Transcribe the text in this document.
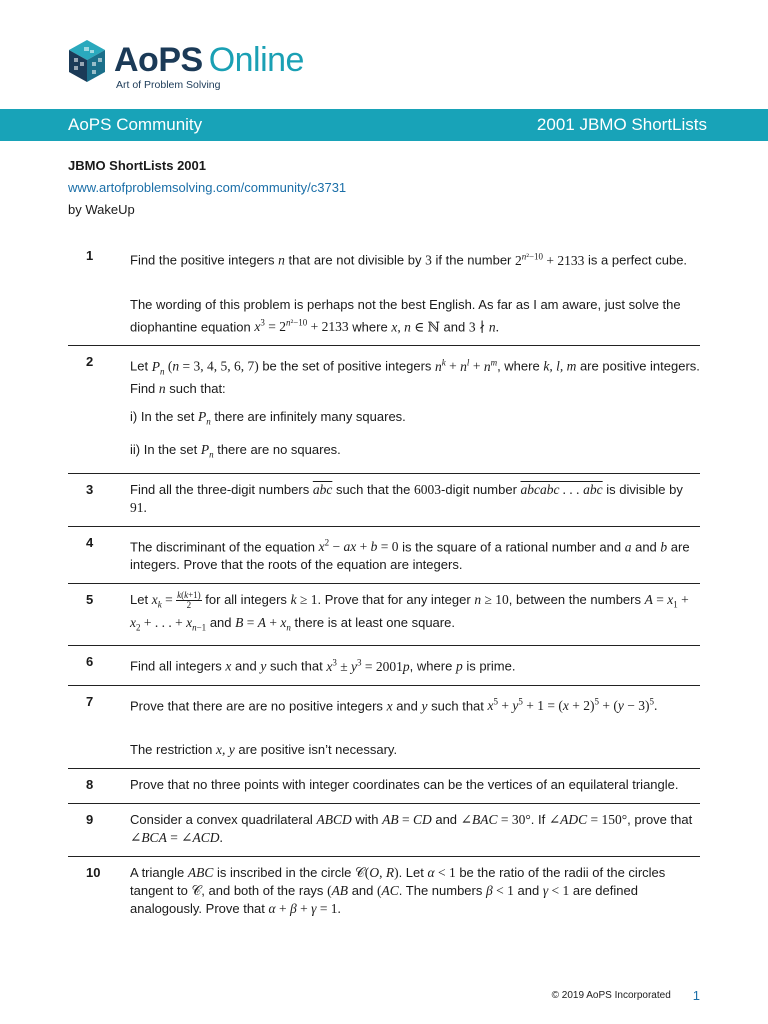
AoPS Online
Art of Problem Solving
AoPS Community	2001 JBMO ShortLists
JBMO ShortLists 2001
www.artofproblemsolving.com/community/c3731
by WakeUp
1	Find the positive integers n that are not divisible by 3 if the number $2^{n^2-10} + 2133$ is a perfect cube.

The wording of this problem is perhaps not the best English. As far as I am aware, just solve the diophantine equation $x^3 = 2^{n^2-10} + 2133$ where x, n ∈ ℕ and 3 ∤ n.

2	Let $P_n$ (n = 3, 4, 5, 6, 7) be the set of positive integers $n^k + n^l + n^m$, where k, l, m are positive integers. Find n such that:

i) In the set $P_n$ there are infinitely many squares.

ii) In the set $P_n$ there are no squares.

3	Find all the three-digit numbers $\overline{abc}$ such that the 6003-digit number abcabc . . . abc is divisible by 91.

4	The discriminant of the equation $x^2$ − ax + b = 0 is the square of a rational number and a and b are integers. Prove that the roots of the equation are integers.

5	Let $x_k = \frac{k(k+1)}{2}$ for all integers k ≥ 1. Prove that for any integer n ≥ 10, between the numbers $A = x_1 + x_2$ + . . . + $x_{n-1}$ and $B = A + x_n$ there is at least one square.

6	Find all integers x and y such that $x^3 \pm y^3 = 2001p$, where p is prime.

7	Prove that there are are no positive integers x and y such that $x^5 + y^5 + 1 = (x + 2)^5 + (y - 3)^5$.

The restriction x, y are positive isn’t necessary.

8	Prove that no three points with integer coordinates can be the vertices of an equilateral triangle.

9	Consider a convex quadrilateral ABCD with AB = CD and ∠BAC = 30°. If ∠ADC = 150°, prove that ∠BCA = ∠ACD.

10	A triangle ABC is inscribed in the circle 𝒞(O, R). Let α < 1 be the ratio of the radii of the circles tangent to 𝒞, and both of the rays (AB and (AC. The numbers β < 1 and γ < 1 are defined analogously. Prove that α + β + γ = 1.

© 2019 AoPS Incorporated 1
